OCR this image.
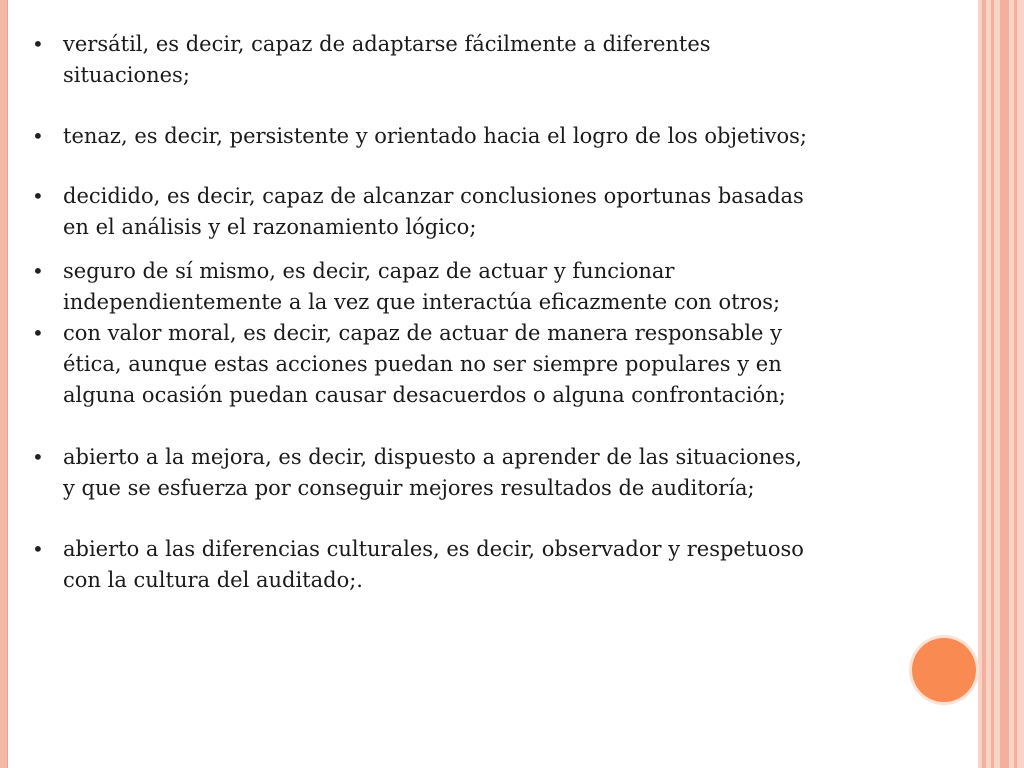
• versátil, es decir, capaz de adaptarse fácilmente a diferentes
situaciones;
• tenaz, es decir, persistente y orientado hacia el logro de los objetivos;
• decidido, es decir, capaz de alcanzar conclusiones oportunas basadas
en el análisis y el razonamiento lógico;
• seguro de sí mismo, es decir, capaz de actuar y funcionar
independientemente a la vez que interactúa eficazmente con otros;
• con valor moral, es decir, capaz de actuar de manera responsable y
ética, aunque estas acciones puedan no ser siempre populares y en
alguna ocasión puedan causar desacuerdos o alguna confrontación;
• abierto a la mejora, es decir, dispuesto a aprender de las situaciones,
y que se esfuerza por conseguir mejores resultados de auditoría;
• abierto a las diferencias culturales, es decir, observador y respetuoso
con la cultura del auditado;.
